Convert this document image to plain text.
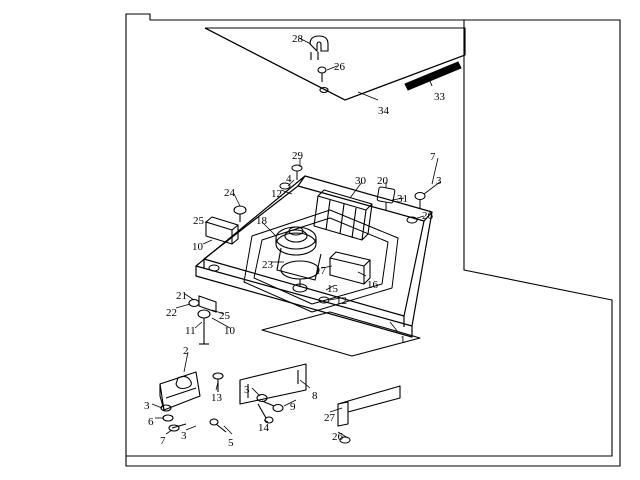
28
26
33
34
29	7
4	30 20	3
12	31
24
26
25	18
10
23	17
16
15
12
21
22	25
11	10
1
2
3	8
9
13
27
3
6	14
26
7 3
5
